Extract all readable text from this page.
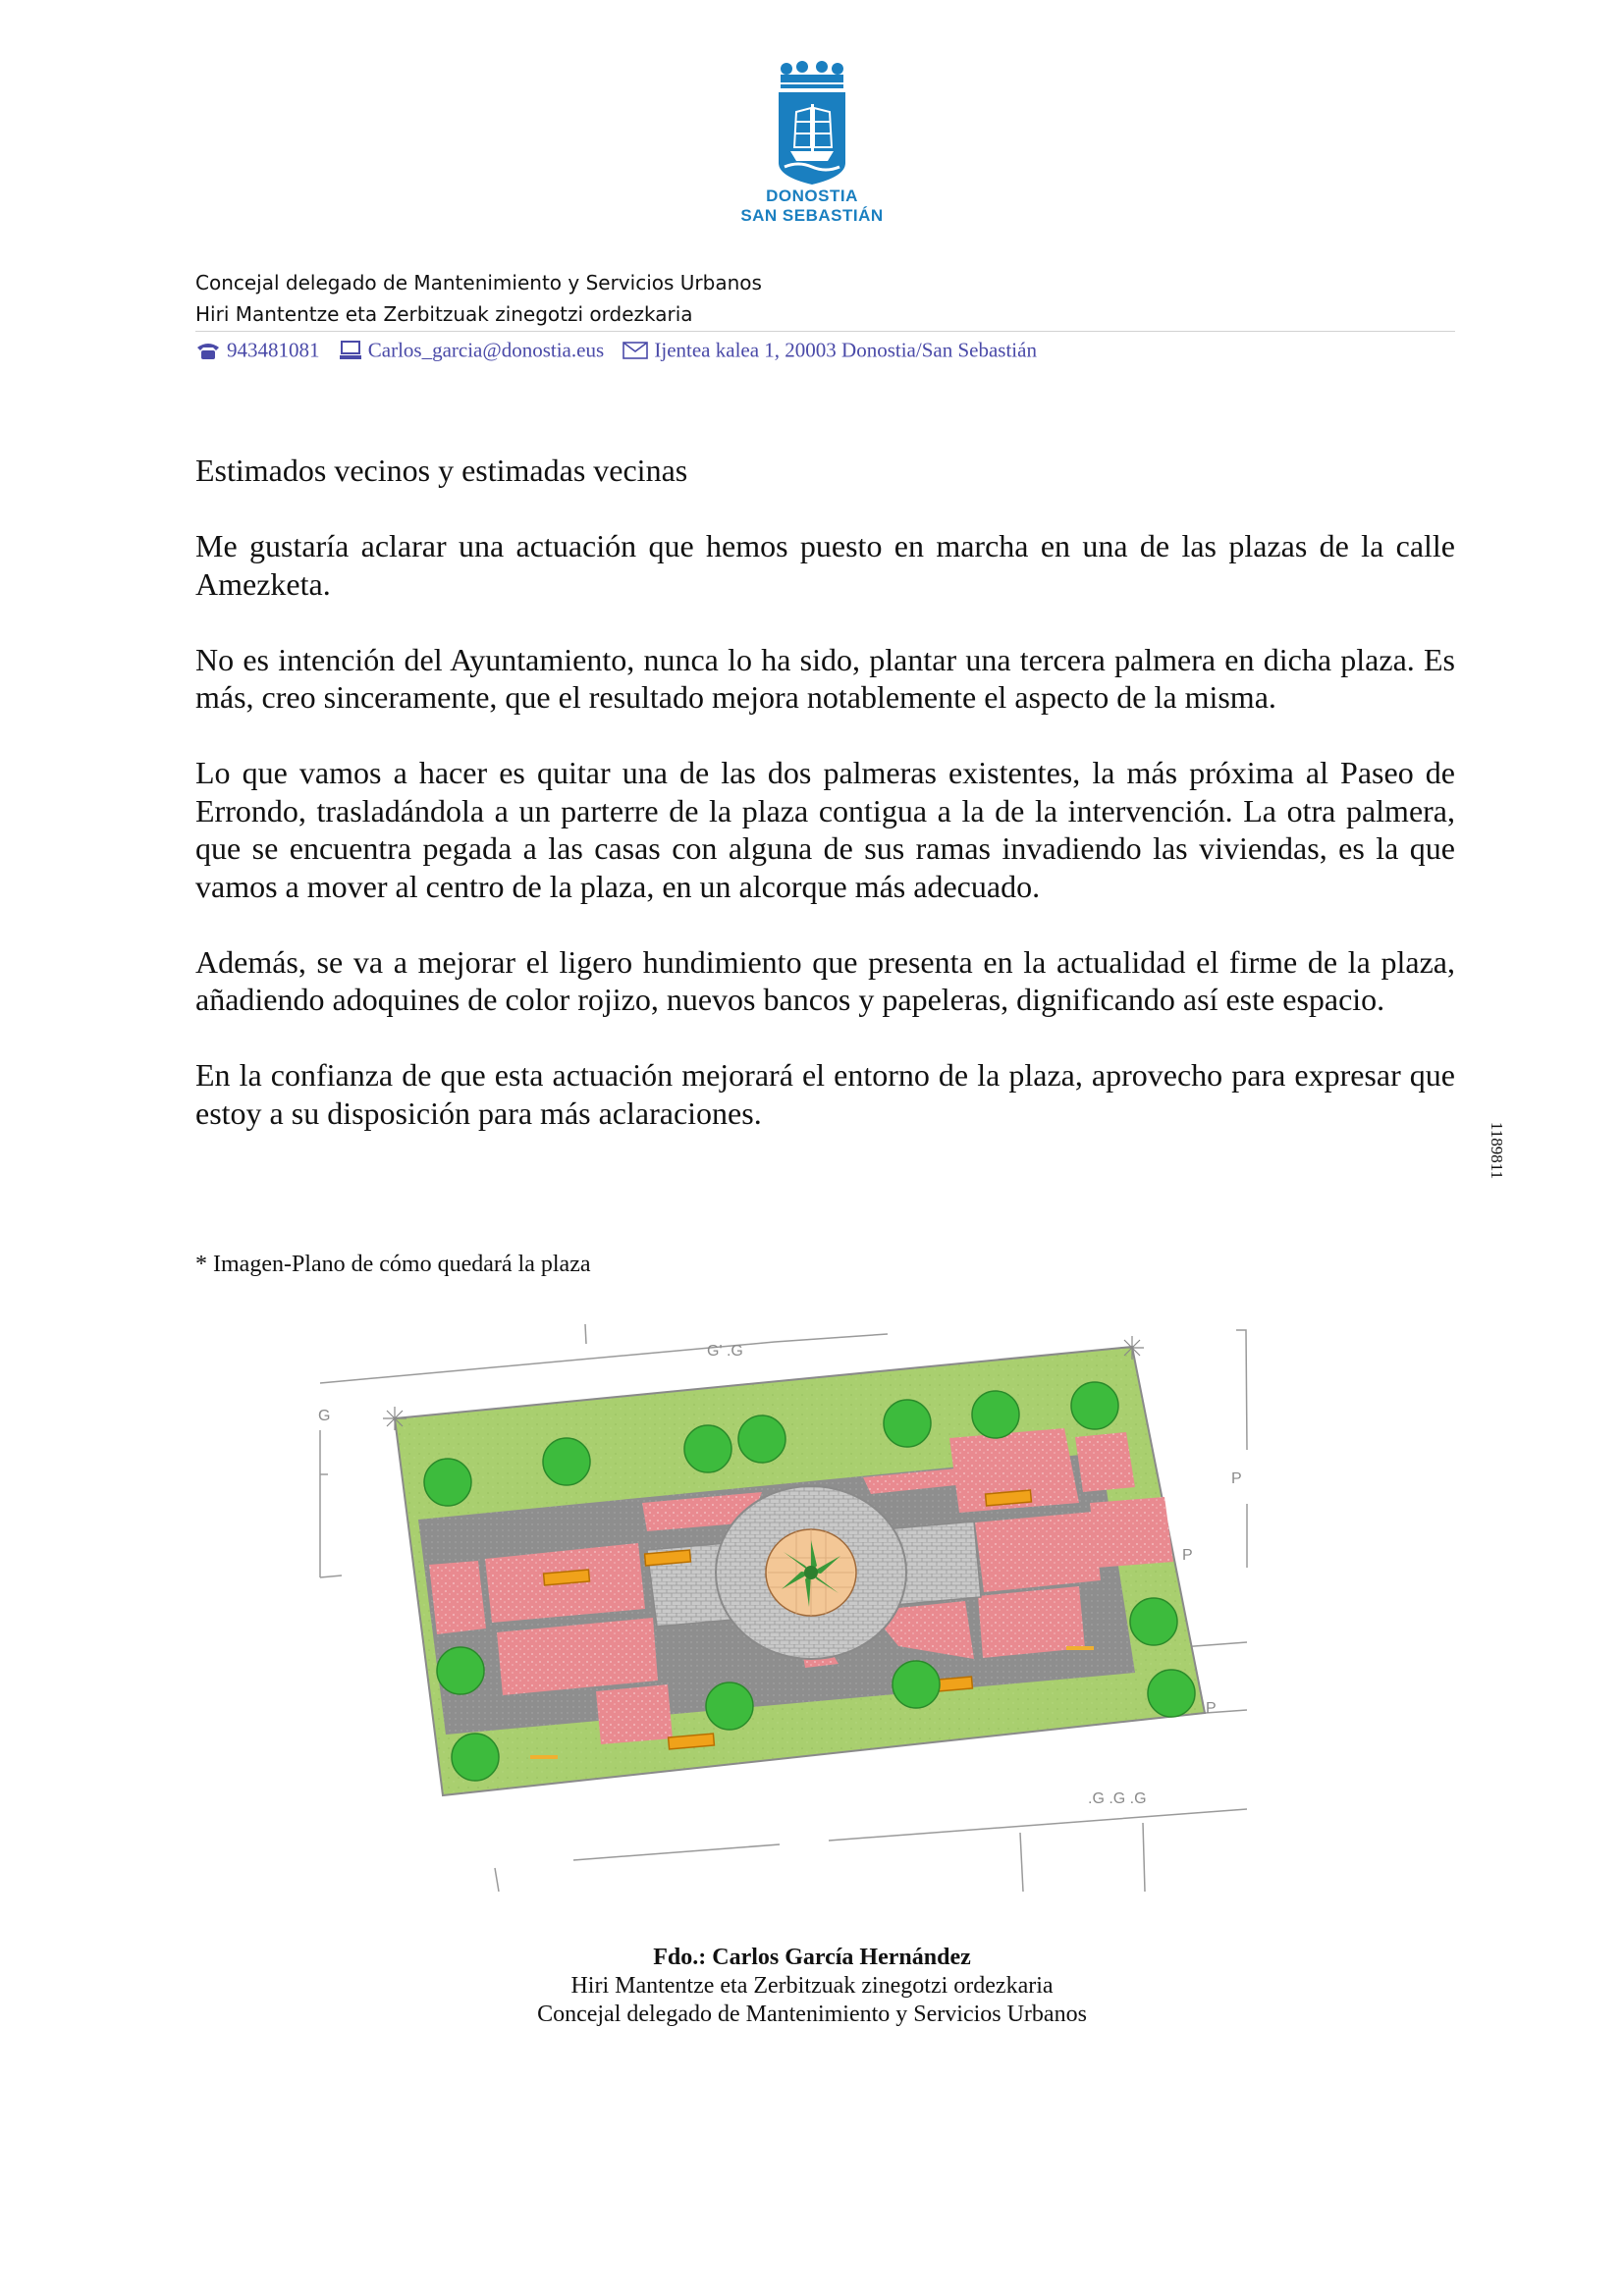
DONOSTIA
SAN SEBASTIÁN
Concejal delegado de Mantenimiento y Servicios Urbanos
Hiri Mantentze eta Zerbitzuak zinegotzi ordezkaria
943481081 Carlos_garcia@donostia.eus Ijentea kalea 1, 20003 Donostia/San Sebastián

Estimados vecinos y estimadas vecinas

Me gustaría aclarar una actuación que hemos puesto en marcha en una de las plazas de la calle Amezketa.

No es intención del Ayuntamiento, nunca lo ha sido, plantar una tercera palmera en dicha plaza. Es más, creo sinceramente, que el resultado mejora notablemente el aspecto de la misma.

Lo que vamos a hacer es quitar una de las dos palmeras existentes, la más próxima al Paseo de Errondo, trasladándola a un parterre de la plaza contigua a la de la intervención. La otra palmera, que se encuentra pegada a las casas con alguna de sus ramas invadiendo las viviendas, es la que vamos a mover al centro de la plaza, en un alcorque más adecuado.

Además, se va a mejorar el ligero hundimiento que presenta en la actualidad el firme de la plaza, añadiendo adoquines de color rojizo, nuevos bancos y papeleras, dignificando así este espacio.

En la confianza de que esta actuación mejorará el entorno de la plaza, aprovecho para expresar que estoy a su disposición para más aclaraciones.

1189811
* Imagen-Plano de cómo quedará la plaza
G' .G
G
P
P
P
.G .G .G
Fdo.: Carlos García Hernández
Hiri Mantentze eta Zerbitzuak zinegotzi ordezkaria
Concejal delegado de Mantenimiento y Servicios Urbanos
